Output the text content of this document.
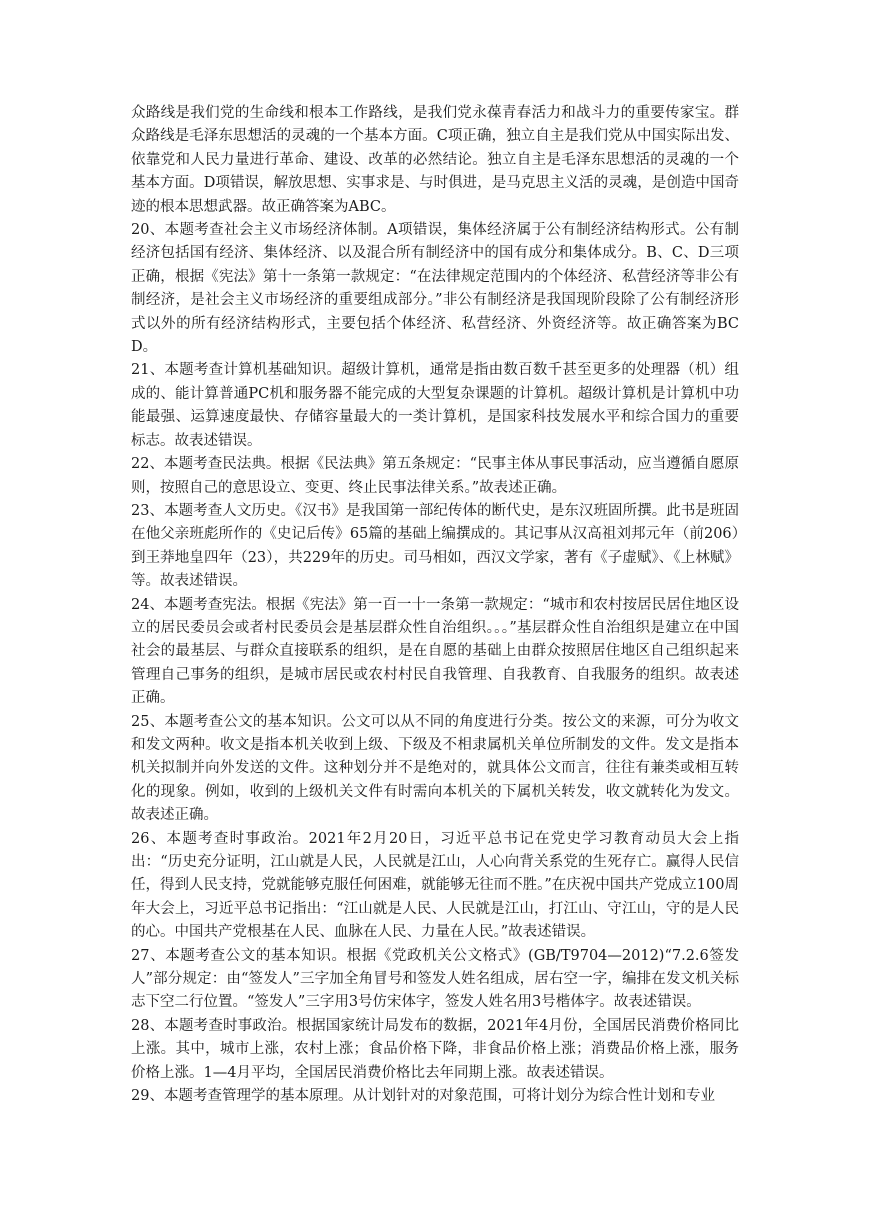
众路线是我们党的生命线和根本工作路线，是我们党永葆青春活力和战斗力的重要传家宝。群众路线是毛泽东思想活的灵魂的一个基本方面。C项正确，独立自主是我们党从中国实际出发、依靠党和人民力量进行革命、建设、改革的必然结论。独立自主是毛泽东思想活的灵魂的一个基本方面。D项错误，解放思想、实事求是、与时俱进，是马克思主义活的灵魂，是创造中国奇迹的根本思想武器。故正确答案为ABC。

20、本题考查社会主义市场经济体制。A项错误，集体经济属于公有制经济结构形式。公有制经济包括国有经济、集体经济、以及混合所有制经济中的国有成分和集体成分。B、C、D三项正确，根据《宪法》第十一条第一款规定：“在法律规定范围内的个体经济、私营经济等非公有制经济，是社会主义市场经济的重要组成部分。”非公有制经济是我国现阶段除了公有制经济形式以外的所有经济结构形式，主要包括个体经济、私营经济、外资经济等。故正确答案为BCD。

21、本题考查计算机基础知识。超级计算机，通常是指由数百数千甚至更多的处理器（机）组成的、能计算普通PC机和服务器不能完成的大型复杂课题的计算机。超级计算机是计算机中功能最强、运算速度最快、存储容量最大的一类计算机，是国家科技发展水平和综合国力的重要标志。故表述错误。

22、本题考查民法典。根据《民法典》第五条规定：“民事主体从事民事活动，应当遵循自愿原则，按照自己的意思设立、变更、终止民事法律关系。”故表述正确。

23、本题考查人文历史。《汉书》是我国第一部纪传体的断代史，是东汉班固所撰。此书是班固在他父亲班彪所作的《史记后传》65篇的基础上编撰成的。其记事从汉高祖刘邦元年（前206）到王莽地皇四年（23），共229年的历史。司马相如，西汉文学家，著有《子虚赋》、《上林赋》等。故表述错误。

24、本题考查宪法。根据《宪法》第一百一十一条第一款规定：“城市和农村按居民居住地区设立的居民委员会或者村民委员会是基层群众性自治组织。。。”基层群众性自治组织是建立在中国社会的最基层、与群众直接联系的组织，是在自愿的基础上由群众按照居住地区自己组织起来管理自己事务的组织，是城市居民或农村村民自我管理、自我教育、自我服务的组织。故表述正确。

25、本题考查公文的基本知识。公文可以从不同的角度进行分类。按公文的来源，可分为收文和发文两种。收文是指本机关收到上级、下级及不相隶属机关单位所制发的文件。发文是指本机关拟制并向外发送的文件。这种划分并不是绝对的，就具体公文而言，往往有兼类或相互转化的现象。例如，收到的上级机关文件有时需向本机关的下属机关转发，收文就转化为发文。故表述正确。

26、本题考查时事政治。2021年2月20日，习近平总书记在党史学习教育动员大会上指出：“历史充分证明，江山就是人民，人民就是江山，人心向背关系党的生死存亡。赢得人民信任，得到人民支持，党就能够克服任何困难，就能够无往而不胜。”在庆祝中国共产党成立100周年大会上，习近平总书记指出：“江山就是人民、人民就是江山，打江山、守江山，守的是人民的心。中国共产党根基在人民、血脉在人民、力量在人民。”故表述错误。

27、本题考查公文的基本知识。根据《党政机关公文格式》(GB/T9704—2012)“7.2.6签发人”部分规定：由“签发人”三字加全角冒号和签发人姓名组成，居右空一字，编排在发文机关标志下空二行位置。“签发人”三字用3号仿宋体字，签发人姓名用3号楷体字。故表述错误。

28、本题考查时事政治。根据国家统计局发布的数据，2021年4月份，全国居民消费价格同比上涨。其中，城市上涨，农村上涨；食品价格下降，非食品价格上涨；消费品价格上涨，服务价格上涨。1—4月平均，全国居民消费价格比去年同期上涨。故表述错误。

29、本题考查管理学的基本原理。从计划针对的对象范围，可将计划分为综合性计划和专业
